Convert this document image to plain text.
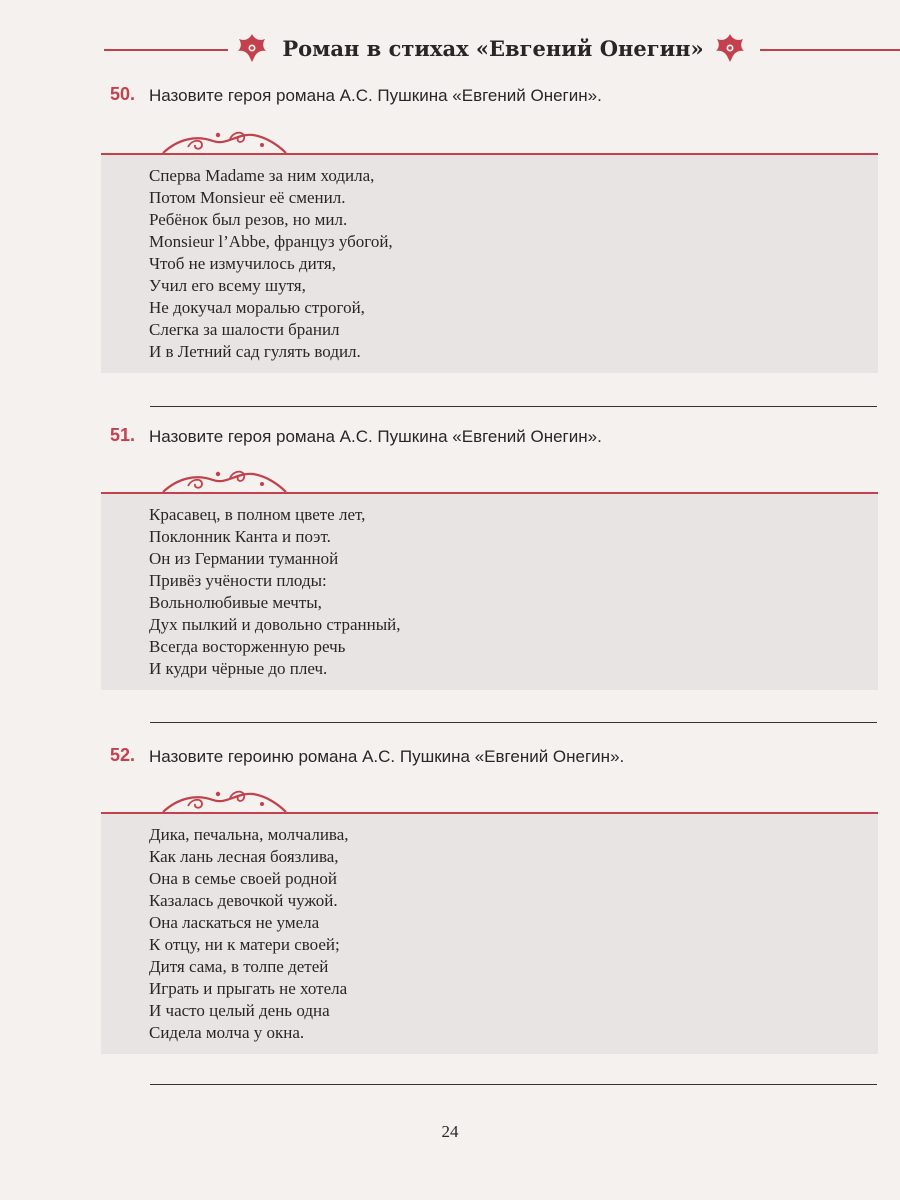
Роман в стихах «Евгений Онегин»
50. Назовите героя романа А.С. Пушкина «Евгений Онегин».
Сперва Madame за ним ходила,
Потом Monsieur её сменил.
Ребёнок был резов, но мил.
Monsieur l’Abbe, француз убогой,
Чтоб не измучилось дитя,
Учил его всему шутя,
Не докучал моралью строгой,
Слегка за шалости бранил
И в Летний сад гулять водил.
51. Назовите героя романа А.С. Пушкина «Евгений Онегин».
Красавец, в полном цвете лет,
Поклонник Канта и поэт.
Он из Германии туманной
Привёз учёности плоды:
Вольнолюбивые мечты,
Дух пылкий и довольно странный,
Всегда восторженную речь
И кудри чёрные до плеч.
52. Назовите героиню романа А.С. Пушкина «Евгений Онегин».
Дика, печальна, молчалива,
Как лань лесная боязлива,
Она в семье своей родной
Казалась девочкой чужой.
Она ласкаться не умела
К отцу, ни к матери своей;
Дитя сама, в толпе детей
Играть и прыгать не хотела
И часто целый день одна
Сидела молча у окна.
24
